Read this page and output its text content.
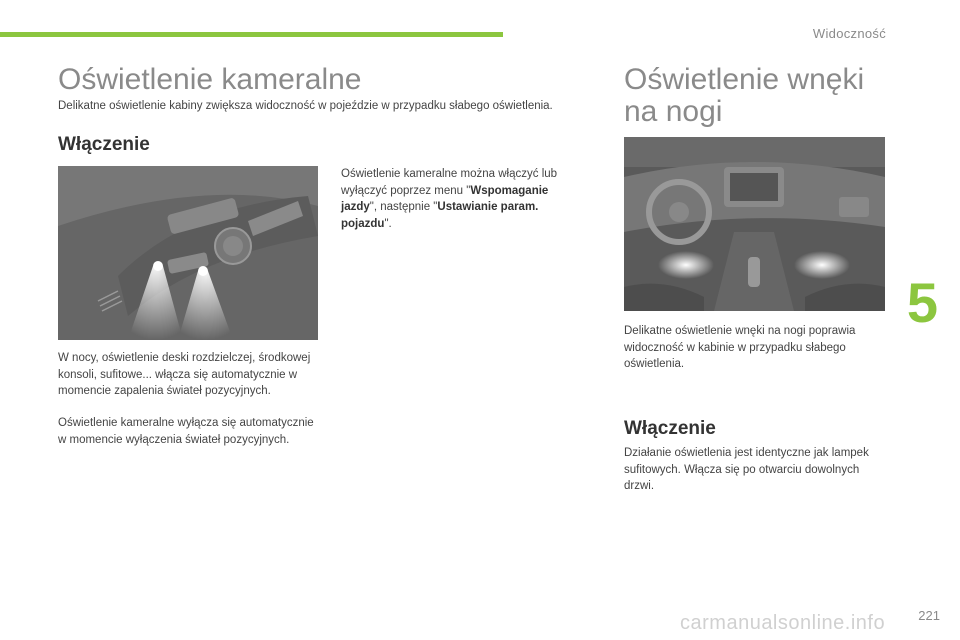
Widoczność
5
221
Oświetlenie kameralne

Delikatne oświetlenie kabiny zwiększa widoczność w pojeździe w przypadku słabego oświetlenia.

Włączenie

W nocy, oświetlenie deski rozdzielczej, środkowej konsoli, sufitowe... włącza się automatycznie w momencie zapalenia świateł pozycyjnych.

Oświetlenie kameralne wyłącza się automatycznie w momencie wyłączenia świateł pozycyjnych.

Oświetlenie kameralne można włączyć lub wyłączyć poprzez menu "Wspomaganie jazdy", następnie "Ustawianie param. pojazdu".

Oświetlenie wnęki
na nogi

Delikatne oświetlenie wnęki na nogi poprawia widoczność w kabinie w przypadku słabego oświetlenia.

Włączenie

Działanie oświetlenia jest identyczne jak lampek sufitowych. Włącza się po otwarciu dowolnych drzwi.

carmanualsonline.info
